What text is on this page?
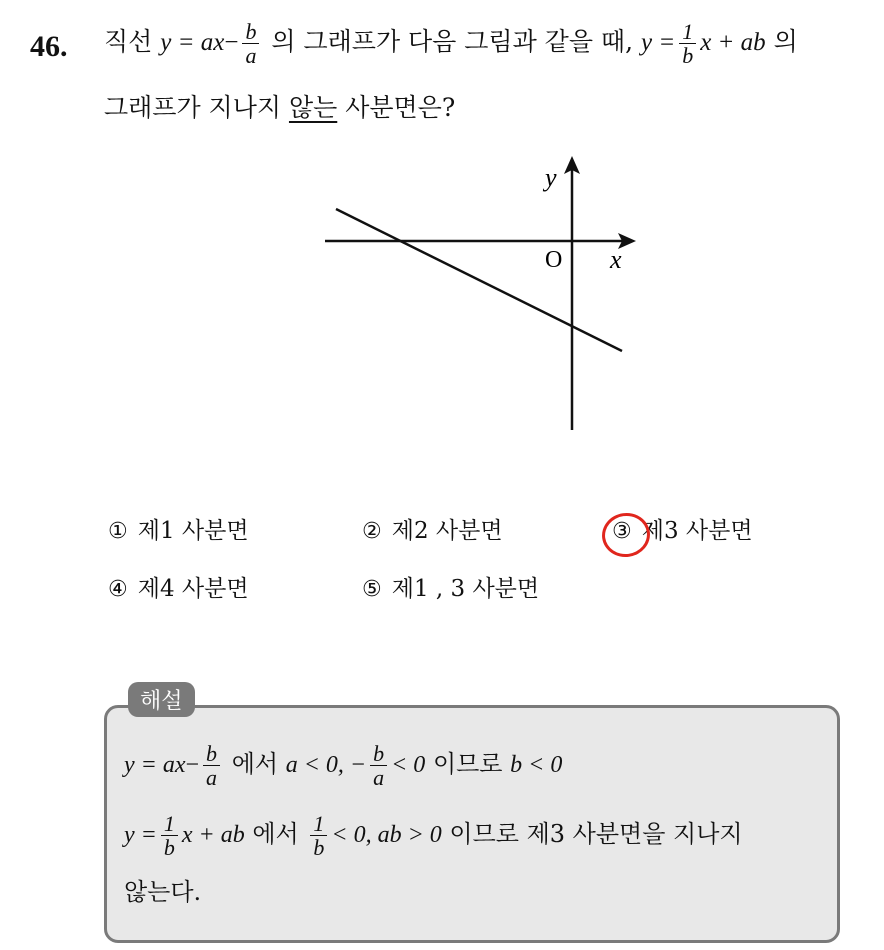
46. 직선 $y = ax- \frac{b}{a}$ 의 그래프가 다음 그림과 같을 때, $y = \frac{1}{b}$ x + ab 의
그래프가 지나지 않는 사분면은?
y
x
O
① 제1 사분면	② 제2 사분면	③ 제3 사분면
④ 제4 사분면	⑤ 제1 , 3 사분면
해설
$y = ax- \frac{b}{a}$ 에서 a < 0, − $\frac{b}{a} < 0$ 이므로 b < 0
$y = \frac{1}{b}$ x + ab 에서 $\frac{1}{b} < 0$, ab > 0 이므로 제3 사분면을 지나지
않는다.
